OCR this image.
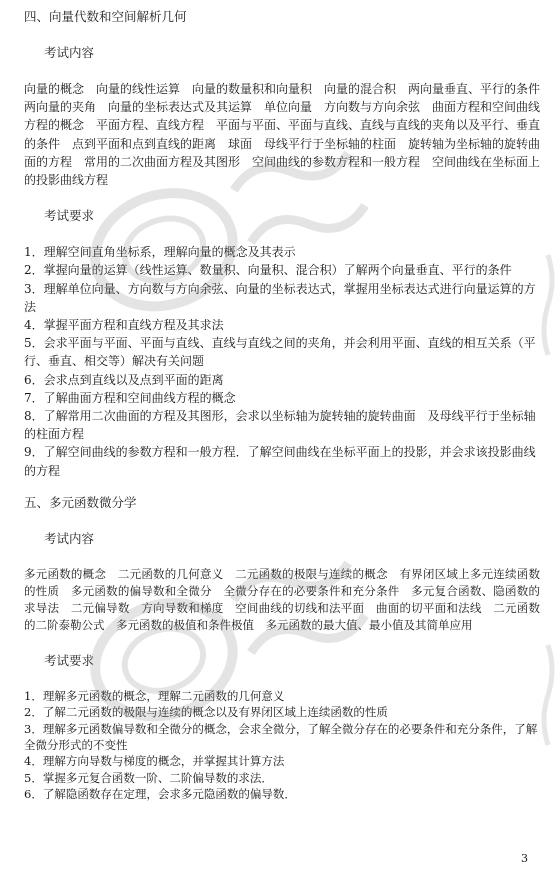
四、向量代数和空间解析几何
考试内容

向量的概念　向量的线性运算　向量的数量积和向量积　向量的混合积　两向量垂直、平行的条件　两向量的夹角　向量的坐标表达式及其运算　单位向量　方向数与方向余弦　曲面方程和空间曲线方程的概念　平面方程、直线方程　平面与平面、平面与直线、直线与直线的夹角以及平行、垂直的条件　点到平面和点到直线的距离　球面　母线平行于坐标轴的柱面　旋转轴为坐标轴的旋转曲面的方程　常用的二次曲面方程及其图形　空间曲线的参数方程和一般方程　空间曲线在坐标面上的投影曲线方程

考试要求
1．理解空间直角坐标系，理解向量的概念及其表示
2．掌握向量的运算（线性运算、数量积、向量积、混合积）了解两个向量垂直、平行的条件
3．理解单位向量、方向数与方向余弦、向量的坐标表达式，掌握用坐标表达式进行向量运算的方法
4．掌握平面方程和直线方程及其求法
5．会求平面与平面、平面与直线、直线与直线之间的夹角，并会利用平面、直线的相互关系（平行、垂直、相交等）解决有关问题
6．会求点到直线以及点到平面的距离
7．了解曲面方程和空间曲线方程的概念
8．了解常用二次曲面的方程及其图形，会求以坐标轴为旋转轴的旋转曲面　及母线平行于坐标轴的柱面方程
9．了解空间曲线的参数方程和一般方程．了解空间曲线在坐标平面上的投影，并会求该投影曲线的方程
五、多元函数微分学
考试内容

多元函数的概念　二元函数的几何意义　二元函数的极限与连续的概念　有界闭区域上多元连续函数的性质　多元函数的偏导数和全微分　全微分存在的必要条件和充分条件　多元复合函数、隐函数的求导法　二元偏导数　方向导数和梯度　空间曲线的切线和法平面　曲面的切平面和法线　二元函数的二阶泰勒公式　多元函数的极值和条件极值　多元函数的最大值、最小值及其简单应用

考试要求
1．理解多元函数的概念，理解二元函数的几何意义
2．了解二元函数的极限与连续的概念以及有界闭区域上连续函数的性质
3．理解多元函数偏导数和全微分的概念，会求全微分，了解全微分存在的必要条件和充分条件，了解全微分形式的不变性
4．理解方向导数与梯度的概念，并掌握其计算方法
5．掌握多元复合函数一阶、二阶偏导数的求法．
6．了解隐函数存在定理，会求多元隐函数的偏导数．
3
